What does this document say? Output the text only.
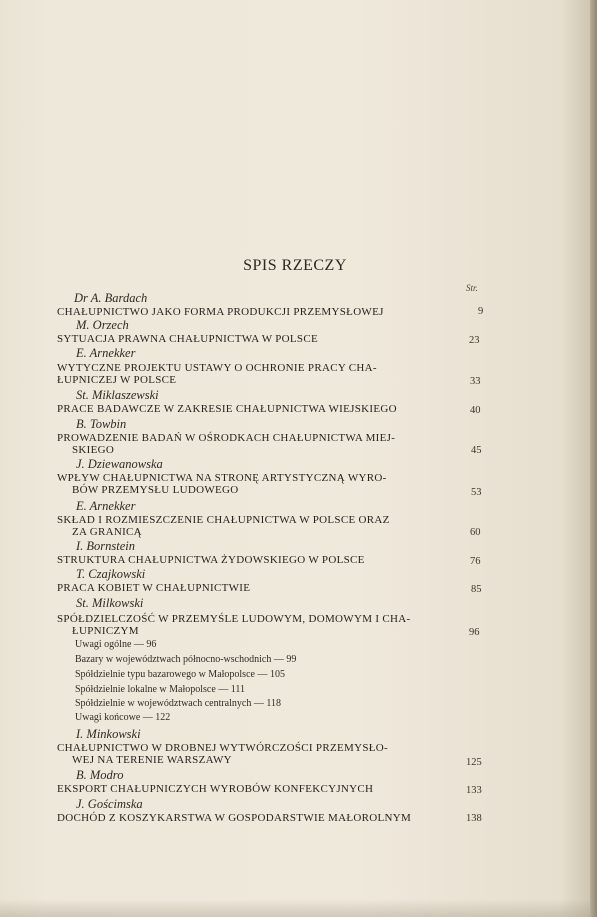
SPIS RZECZY
Str.
Dr A. Bardach
CHAŁUPNICTWO JAKO FORMA PRODUKCJI PRZEMYSŁOWEJ	9
M. Orzech
SYTUACJA PRAWNA CHAŁUPNICTWA W POLSCE	23
E. Arnekker
WYTYCZNE PROJEKTU USTAWY O OCHRONIE PRACY CHA-
ŁUPNICZEJ W POLSCE	33
St. Miklaszewski
PRACE BADAWCZE W ZAKRESIE CHAŁUPNICTWA WIEJSKIEGO	40
B. Towbin
PROWADZENIE BADAŃ W OŚRODKACH CHAŁUPNICTWA MIEJ-
SKIEGO	45
J. Dziewanowska
WPŁYW CHAŁUPNICTWA NA STRONĘ ARTYSTYCZNĄ WYRO-
BÓW PRZEMYSŁU LUDOWEGO	53
E. Arnekker
SKŁAD I ROZMIESZCZENIE CHAŁUPNICTWA W POLSCE ORAZ
ZA GRANICĄ	60
I. Bornstein
STRUKTURA CHAŁUPNICTWA ŻYDOWSKIEGO W POLSCE	76
T. Czajkowski
PRACA KOBIET W CHAŁUPNICTWIE	85
St. Milkowski
SPÓŁDZIELCZOŚĆ W PRZEMYŚLE LUDOWYM, DOMOWYM I CHA-
ŁUPNICZYM	96
Uwagi ogólne — 96
Bazary w województwach północno-wschodnich — 99
Spółdzielnie typu bazarowego w Małopolsce — 105
Spółdzielnie lokalne w Małopolsce — 111
Spółdzielnie w województwach centralnych — 118
Uwagi końcowe — 122
I. Minkowski
CHAŁUPNICTWO W DROBNEJ WYTWÓRCZOŚCI PRZEMYSŁO-
WEJ NA TERENIE WARSZAWY	125
B. Modro
EKSPORT CHAŁUPNICZYCH WYROBÓW KONFEKCYJNYCH	133
J. Gościmska
DOCHÓD Z KOSZYKARSTWA W GOSPODARSTWIE MAŁOROLNYM	138
